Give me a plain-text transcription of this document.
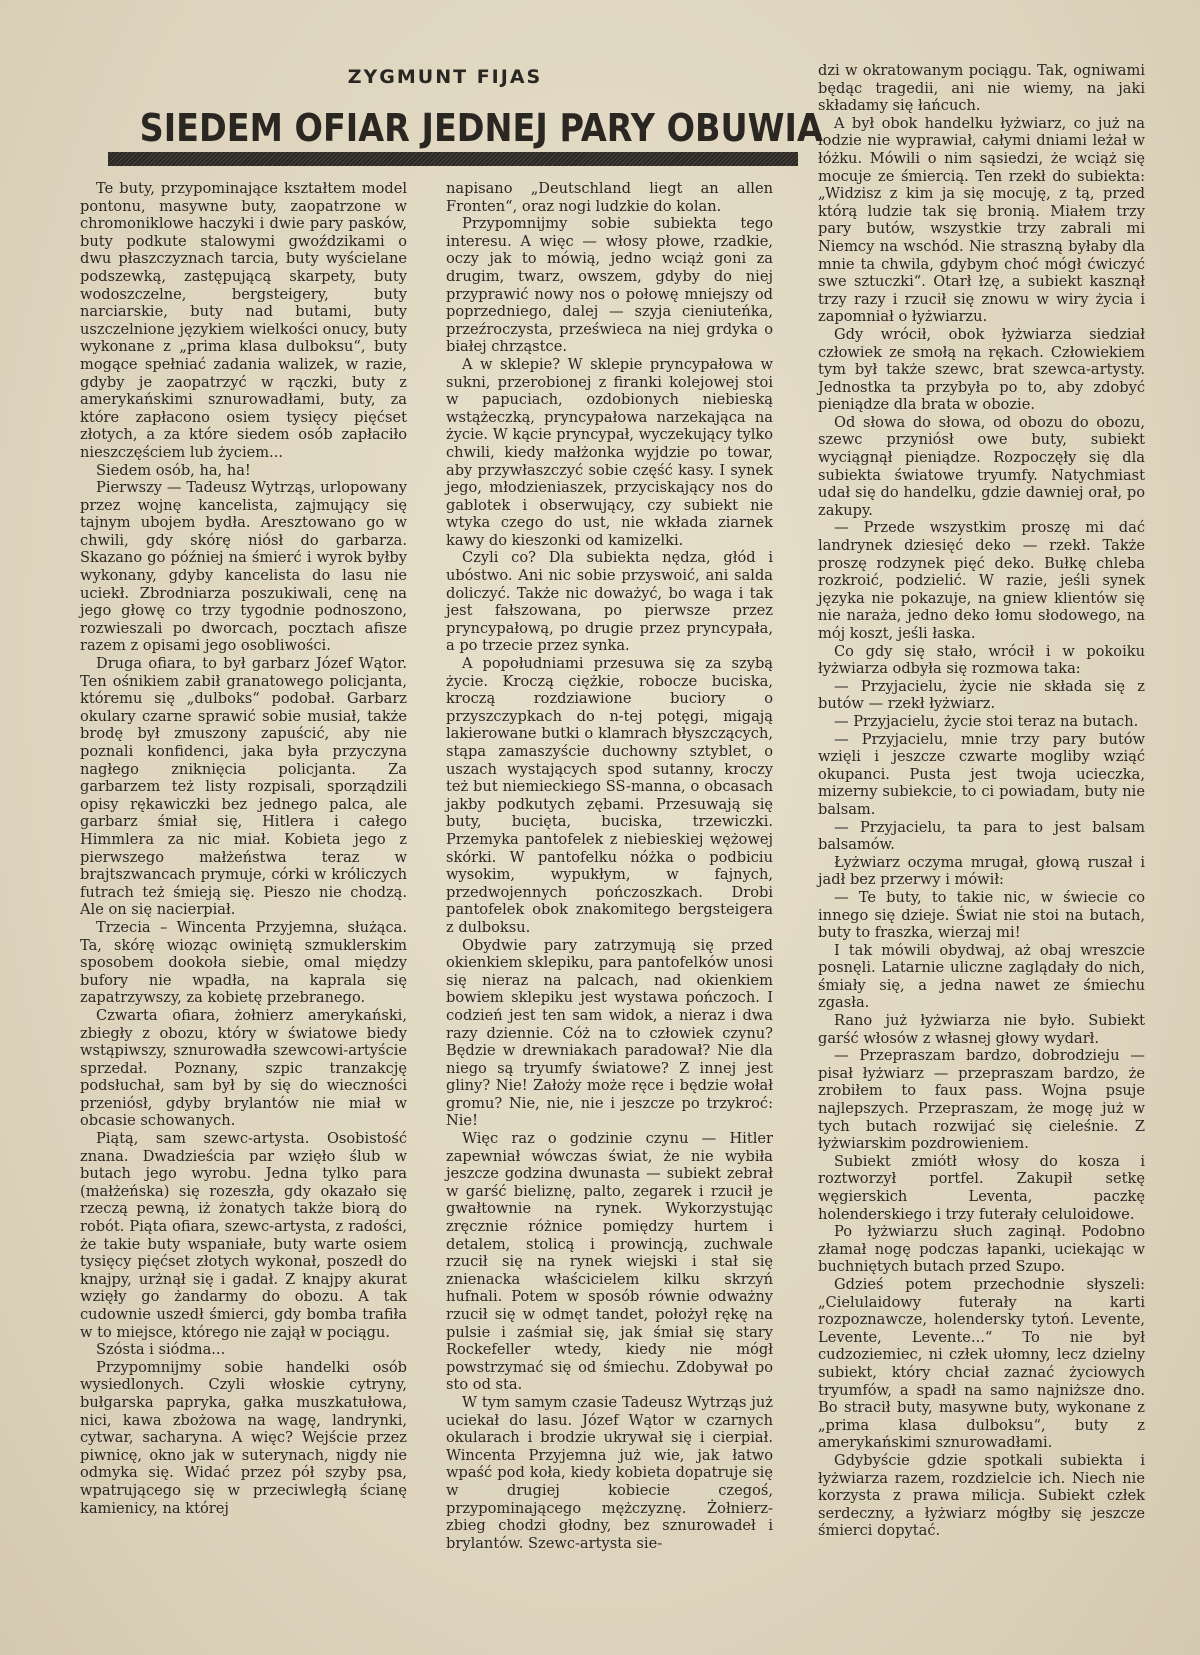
ZYGMUNT FIJAS
SIEDEM OFIAR JEDNEJ PARY OBUWIA

Te buty, przypominające kształtem model pontonu, masywne buty, zaopatrzone w chromoniklowe haczyki i dwie pary pasków, buty podkute stalowymi gwoździkami o dwu płaszczyznach tarcia, buty wyścielane podszewką, zastępującą skarpety, buty wodoszczelne, bergsteigery, buty narciarskie, buty nad butami, buty uszczelnione językiem wielkości onucy, buty wykonane z „prima klasa dulboksu“, buty mogące spełniać zadania walizek, w razie, gdyby je zaopatrzyć w rączki, buty z amerykańskimi sznurowadłami, buty, za które zapłacono osiem tysięcy pięćset złotych, a za które siedem osób zapłaciło nieszczęściem lub życiem...

Siedem osób, ha, ha!

Pierwszy — Tadeusz Wytrząs, urlopowany przez wojnę kancelista, zajmujący się tajnym ubojem bydła. Aresztowano go w chwili, gdy skórę niósł do garbarza. Skazano go później na śmierć i wyrok byłby wykonany, gdyby kancelista do lasu nie uciekł. Zbrodniarza poszukiwali, cenę na jego głowę co trzy tygodnie podnoszono, rozwieszali po dworcach, pocztach afisze razem z opisami jego osobliwości.

Druga ofiara, to był garbarz Józef Wątor. Ten ośnikiem zabił granatowego policjanta, któremu się „dulboks“ podobał. Garbarz okulary czarne sprawić sobie musiał, także brodę był zmuszony zapuścić, aby nie poznali konfidenci, jaka była przyczyna nagłego zniknięcia policjanta. Za garbarzem też listy rozpisali, sporządzili opisy rękawiczki bez jednego palca, ale garbarz śmiał się, Hitlera i całego Himmlera za nic miał. Kobieta jego z pierwszego małżeństwa teraz w brajtszwancach prymuje, córki w króliczych futrach też śmieją się. Pieszo nie chodzą. Ale on się nacierpiał.

Trzecia – Wincenta Przyjemna, służąca. Ta, skórę wioząc owiniętą szmuklerskim sposobem dookoła siebie, omal między bufory nie wpadła, na kaprala się zapatrzywszy, za kobietę przebranego.

Czwarta ofiara, żołnierz amerykański, zbiegły z obozu, który w światowe biedy wstąpiwszy, sznurowadła szewcowi-artyście sprzedał. Poznany, szpic tranzakcję podsłuchał, sam był by się do wieczności przeniósł, gdyby brylantów nie miał w obcasie schowanych.

Piątą, sam szewc-artysta. Osobistość znana. Dwadzieścia par wzięło ślub w butach jego wyrobu. Jedna tylko para (małżeńska) się rozeszła, gdy okazało się rzeczą pewną, iż żonatych także biorą do robót. Piąta ofiara, szewc-artysta, z radości, że takie buty wspaniałe, buty warte osiem tysięcy pięćset złotych wykonał, poszedł do knajpy, urżnął się i gadał. Z knajpy akurat wzięły go żandarmy do obozu. A tak cudownie uszedł śmierci, gdy bomba trafiła w to miejsce, którego nie zajął w pociągu.

Szósta i siódma...

Przypomnijmy sobie handelki osób wysiedlonych. Czyli włoskie cytryny, bułgarska papryka, gałka muszkatułowa, nici, kawa zbożowa na wagę, landrynki, cytwar, sacharyna. A więc? Wejście przez piwnicę, okno jak w suterynach, nigdy nie odmyka się. Widać przez pół szyby psa, wpatrującego się w przeciwległą ścianę kamienicy, na której

napisano „Deutschland liegt an allen Fronten“, oraz nogi ludzkie do kolan.

Przypomnijmy sobie subiekta tego interesu. A więc — włosy płowe, rzadkie, oczy jak to mówią, jedno wciąż goni za drugim, twarz, owszem, gdyby do niej przyprawić nowy nos o połowę mniejszy od poprzedniego, dalej — szyja cieniuteńka, przeźroczysta, prześwieca na niej grdyka o białej chrząstce.

A w sklepie? W sklepie pryncypałowa w sukni, przerobionej z firanki kolejowej stoi w papuciach, ozdobionych niebieską wstążeczką, pryncypałowa narzekająca na życie. W kącie pryncypał, wyczekujący tylko chwili, kiedy małżonka wyjdzie po towar, aby przywłaszczyć sobie część kasy. I synek jego, młodzieniaszek, przyciskający nos do gablotek i obserwujący, czy subiekt nie wtyka czego do ust, nie wkłada ziarnek kawy do kieszonki od kamizelki.

Czyli co? Dla subiekta nędza, głód i ubóstwo. Ani nic sobie przyswoić, ani salda doliczyć. Także nic doważyć, bo waga i tak jest fałszowana, po pierwsze przez pryncypałową, po drugie przez pryncypała, a po trzecie przez synka.

A popołudniami przesuwa się za szybą życie. Kroczą ciężkie, robocze buciska, kroczą rozdziawione buciory o przyszczypkach do n-tej potęgi, migają lakierowane butki o klamrach błyszczących, stąpa zamaszyście duchowny sztyblet, o uszach wystających spod sutanny, kroczy też but niemieckiego SS-manna, o obcasach jakby podkutych zębami. Przesuwają się buty, bucięta, buciska, trzewiczki. Przemyka pantofelek z niebieskiej wężowej skórki. W pantofelku nóżka o podbiciu wysokim, wypukłym, w fajnych, przedwojennych pończoszkach. Drobi pantofelek obok znakomitego bergsteigera z dulboksu.

Obydwie pary zatrzymują się przed okienkiem sklepiku, para pantofelków unosi się nieraz na palcach, nad okienkiem bowiem sklepiku jest wystawa pończoch. I codzień jest ten sam widok, a nieraz i dwa razy dziennie. Cóż na to człowiek czynu? Będzie w drewniakach paradował? Nie dla niego są tryumfy światowe? Z innej jest gliny? Nie! Założy może ręce i będzie wołał gromu? Nie, nie, nie i jeszcze po trzykroć: Nie!

Więc raz o godzinie czynu — Hitler zapewniał wówczas świat, że nie wybiła jeszcze godzina dwunasta — subiekt zebrał w garść bieliznę, palto, zegarek i rzucił je gwałtownie na rynek. Wykorzystując zręcznie różnice pomiędzy hurtem i detalem, stolicą i prowincją, zuchwale rzucił się na rynek wiejski i stał się znienacka właścicielem kilku skrzyń hufnali. Potem w sposób równie odważny rzucił się w odmęt tandet, położył rękę na pulsie i zaśmiał się, jak śmiał się stary Rockefeller wtedy, kiedy nie mógł powstrzymać się od śmiechu. Zdobywał po sto od sta.

W tym samym czasie Tadeusz Wytrząs już uciekał do lasu. Józef Wątor w czarnych okularach i brodzie ukrywał się i cierpiał. Wincenta Przyjemna już wie, jak łatwo wpaść pod koła, kiedy kobieta dopatruje się w drugiej kobiecie czegoś, przypominającego mężczyznę. Żołnierz-zbieg chodzi głodny, bez sznurowadeł i brylantów. Szewc-artysta sie-

dzi w okratowanym pociągu. Tak, ogniwami będąc tragedii, ani nie wiemy, na jaki składamy się łańcuch.

A był obok handelku łyżwiarz, co już na lodzie nie wyprawiał, całymi dniami leżał w łóżku. Mówili o nim sąsiedzi, że wciąż się mocuje ze śmiercią. Ten rzekł do subiekta: „Widzisz z kim ja się mocuję, z tą, przed którą ludzie tak się bronią. Miałem trzy pary butów, wszystkie trzy zabrali mi Niemcy na wschód. Nie straszną byłaby dla mnie ta chwila, gdybym choć mógł ćwiczyć swe sztuczki“. Otarł łzę, a subiekt kasznął trzy razy i rzucił się znowu w wiry życia i zapomniał o łyżwiarzu.

Gdy wrócił, obok łyżwiarza siedział człowiek ze smołą na rękach. Człowiekiem tym był także szewc, brat szewca-artysty. Jednostka ta przybyła po to, aby zdobyć pieniądze dla brata w obozie.

Od słowa do słowa, od obozu do obozu, szewc przyniósł owe buty, subiekt wyciągnął pieniądze. Rozpoczęły się dla subiekta światowe tryumfy. Natychmiast udał się do handelku, gdzie dawniej orał, po zakupy.

— Przede wszystkim proszę mi dać landrynek dziesięć deko — rzekł. Także proszę rodzynek pięć deko. Bułkę chleba rozkroić, podzielić. W razie, jeśli synek języka nie pokazuje, na gniew klientów się nie naraża, jedno deko łomu słodowego, na mój koszt, jeśli łaska.

Co gdy się stało, wrócił i w pokoiku łyżwiarza odbyła się rozmowa taka:

— Przyjacielu, życie nie składa się z butów — rzekł łyżwiarz.

— Przyjacielu, życie stoi teraz na butach.

— Przyjacielu, mnie trzy pary butów wzięli i jeszcze czwarte mogliby wziąć okupanci. Pusta jest twoja ucieczka, mizerny subiekcie, to ci powiadam, buty nie balsam.

— Przyjacielu, ta para to jest balsam balsamów.

Łyżwiarz oczyma mrugał, głową ruszał i jadł bez przerwy i mówił:

— Te buty, to takie nic, w świecie co innego się dzieje. Świat nie stoi na butach, buty to fraszka, wierzaj mi!

I tak mówili obydwaj, aż obaj wreszcie posnęli. Latarnie uliczne zaglądały do nich, śmiały się, a jedna nawet ze śmiechu zgasła.

Rano już łyżwiarza nie było. Subiekt garść włosów z własnej głowy wydarł.

— Przepraszam bardzo, dobrodzieju — pisał łyżwiarz — przepraszam bardzo, że zrobiłem to faux pass. Wojna psuje najlepszych. Przepraszam, że mogę już w tych butach rozwijać się cieleśnie. Z łyżwiarskim pozdrowieniem.

Subiekt zmiótł włosy do kosza i roztworzył portfel. Zakupił setkę węgierskich Leventa, paczkę holenderskiego i trzy futerały celuloidowe.

Po łyżwiarzu słuch zaginął. Podobno złamał nogę podczas łapanki, uciekając w buchniętych butach przed Szupo.

Gdzieś potem przechodnie słyszeli: „Cielulaidowy futerały na karti rozpoznawcze, holendersky tytoń. Levente, Levente, Levente...“ To nie był cudzoziemiec, ni człek ułomny, lecz dzielny subiekt, który chciał zaznać życiowych tryumfów, a spadł na samo najniższe dno. Bo stracił buty, masywne buty, wykonane z „prima klasa dulboksu“, buty z amerykańskimi sznurowadłami.

Gdybyście gdzie spotkali subiekta i łyżwiarza razem, rozdzielcie ich. Niech nie korzysta z prawa milicja. Subiekt człek serdeczny, a łyżwiarz mógłby się jeszcze śmierci dopytać.
